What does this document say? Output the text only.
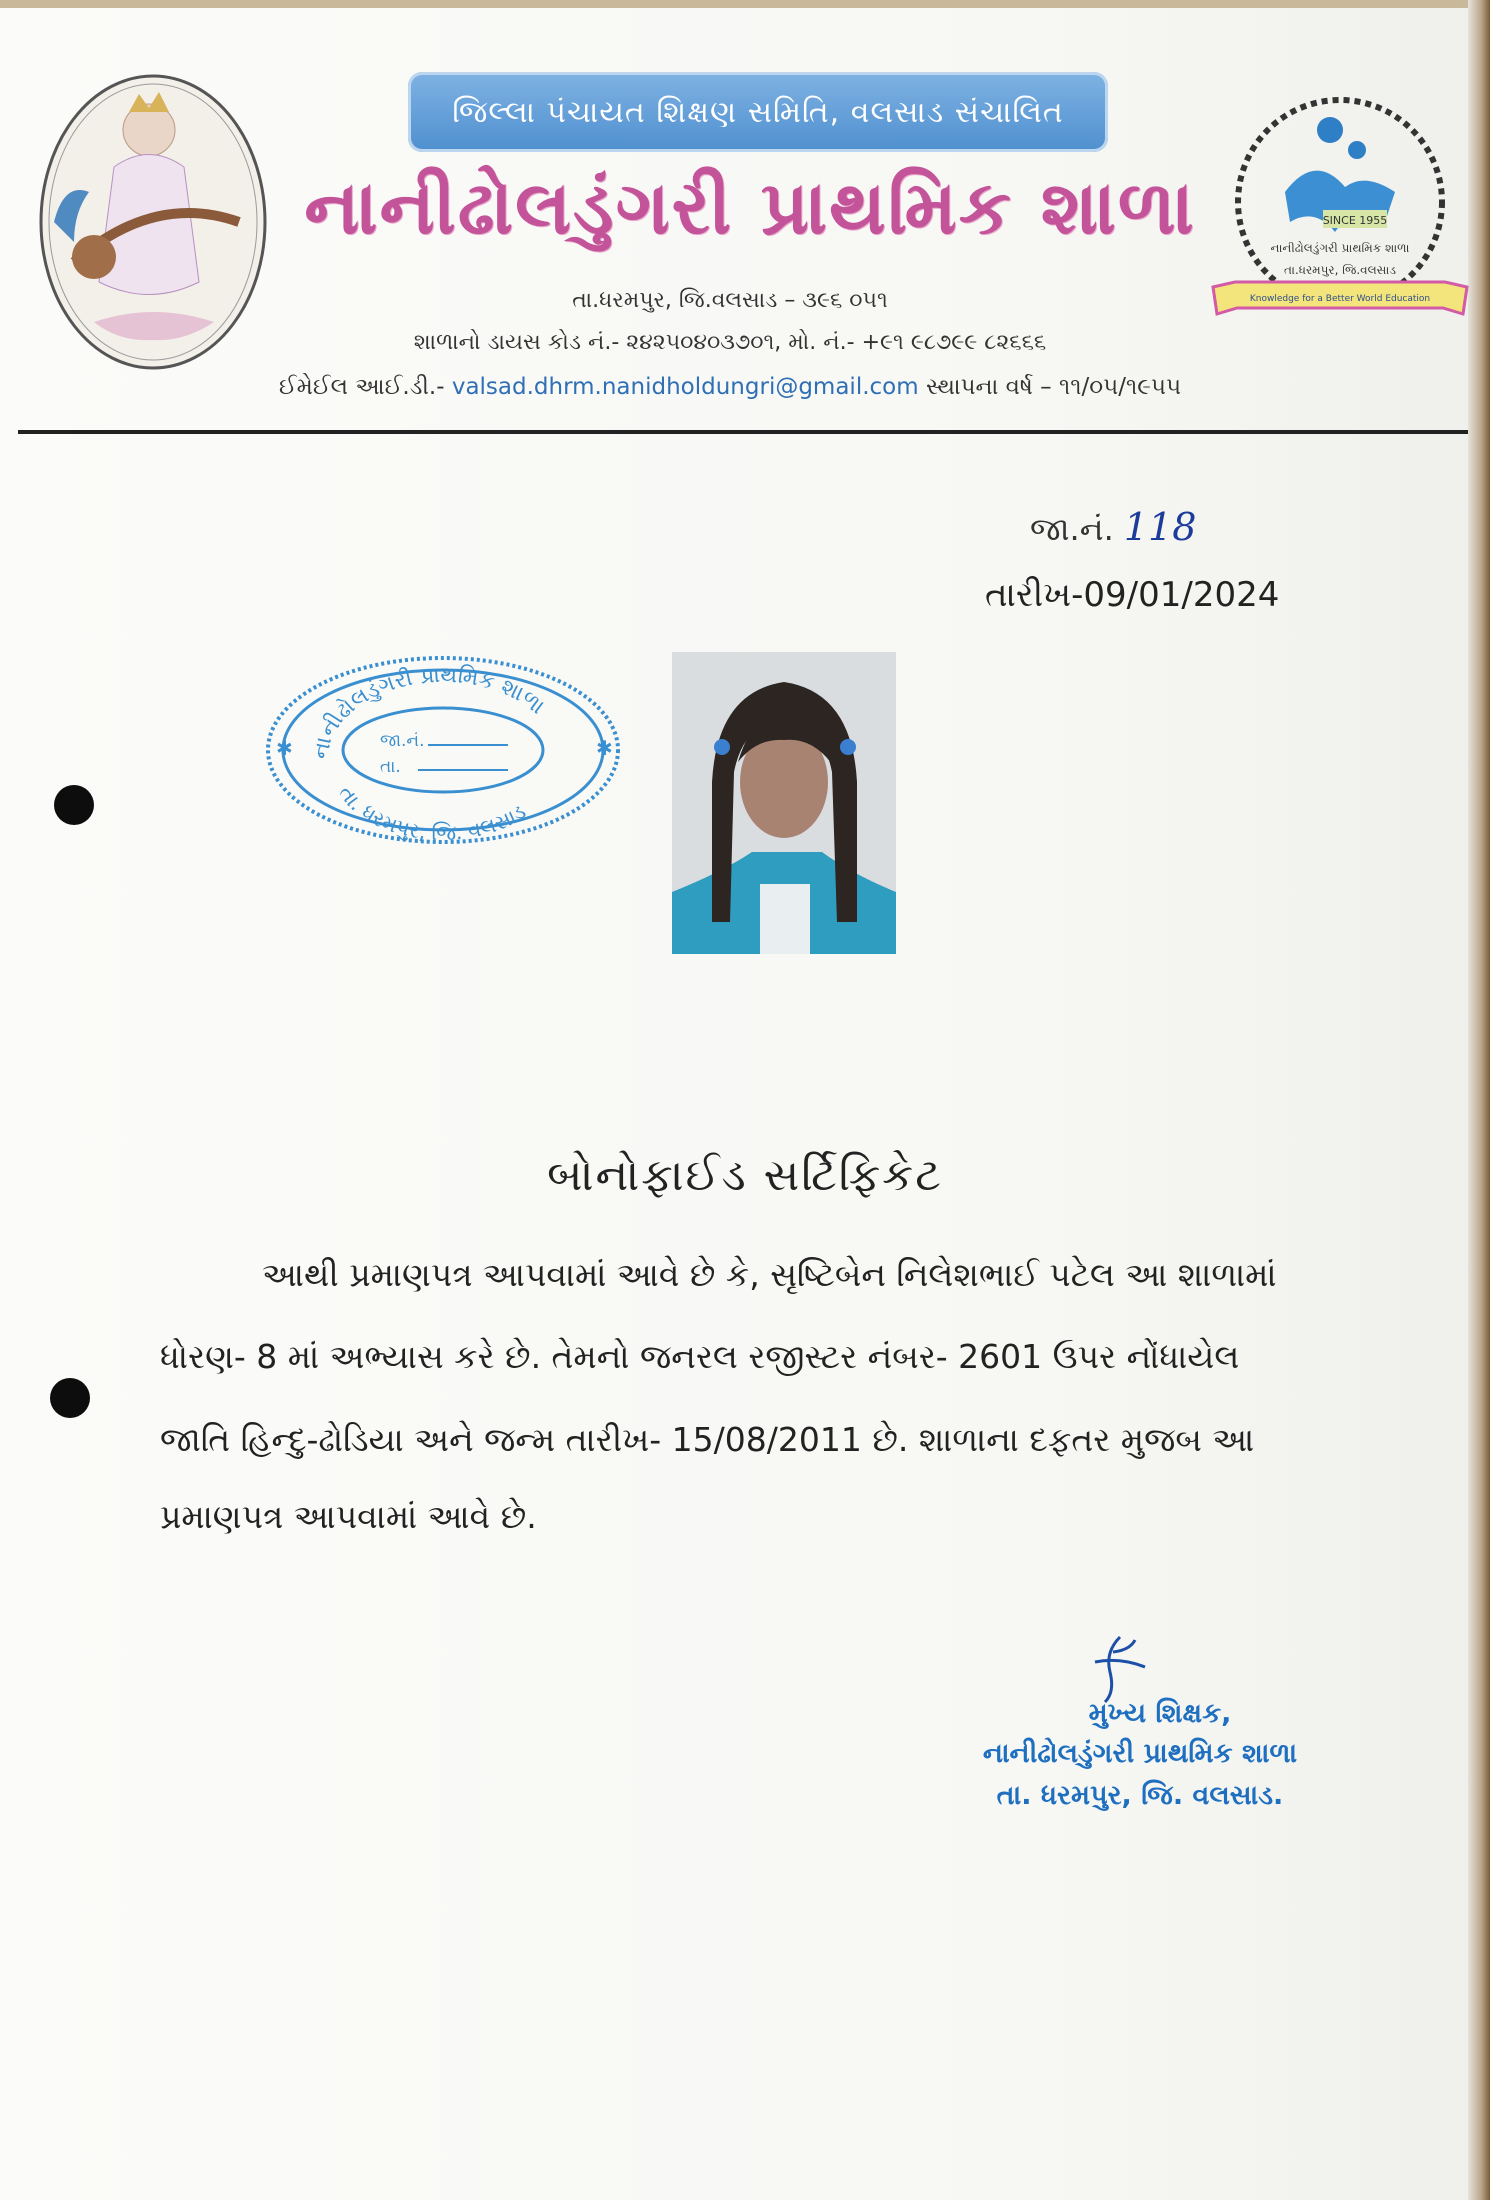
જિલ્લા પંચાયત શિક્ષણ સમિતિ, વલસાડ સંચાલિત
નાનીઢોલડુંગરી પ્રાથમિક શાળા
તા.ધરમપુર, જિ.વલસાડ – ૩૯૬ ૦૫૧
શાળાનો ડાયસ કોડ નં.- ૨૪૨૫૦૪૦૩૭૦૧, મો. નં.- +૯૧ ૯૮૭૯૯ ૮૨૬૬૬
ઈમેઈલ આઈ.ડી.- valsad.dhrm.nanidholdungri@gmail.com સ્થાપના વર્ષ – ૧૧/૦૫/૧૯૫૫
SINCE 1955
નાનીઢોલડુંગરી પ્રાથમિક શાળા
તા.ધરમપુર, જિ.વલસાડ
Knowledge for a Better World Education
જા.નં. 118
તારીખ-09/01/2024
નાનીઢોલડુંગરી પ્રાથમિક શાળા
તા. ધરમપુર, જિ. વલસાડ
જા.નં.
તા.
✱	✱
બોનોફાઈડ સર્ટિફિકેટ
આથી પ્રમાણપત્ર આપવામાં આવે છે કે, સૃષ્ટિબેન નિલેશભાઈ પટેલ આ શાળામાં
ધોરણ- 8 માં અભ્યાસ કરે છે. તેમનો જનરલ રજીસ્ટર નંબર- 2601 ઉપર નોંધાયેલ
જાતિ હિન્દુ-ઢોડિયા અને જન્મ તારીખ- 15/08/2011 છે. શાળાના દફતર મુજબ આ
પ્રમાણપત્ર આપવામાં આવે છે.
મુખ્ય શિક્ષક,
નાનીઢોલડુંગરી પ્રાથમિક શાળા
તા. ધરમપુર, જિ. વલસાડ.
